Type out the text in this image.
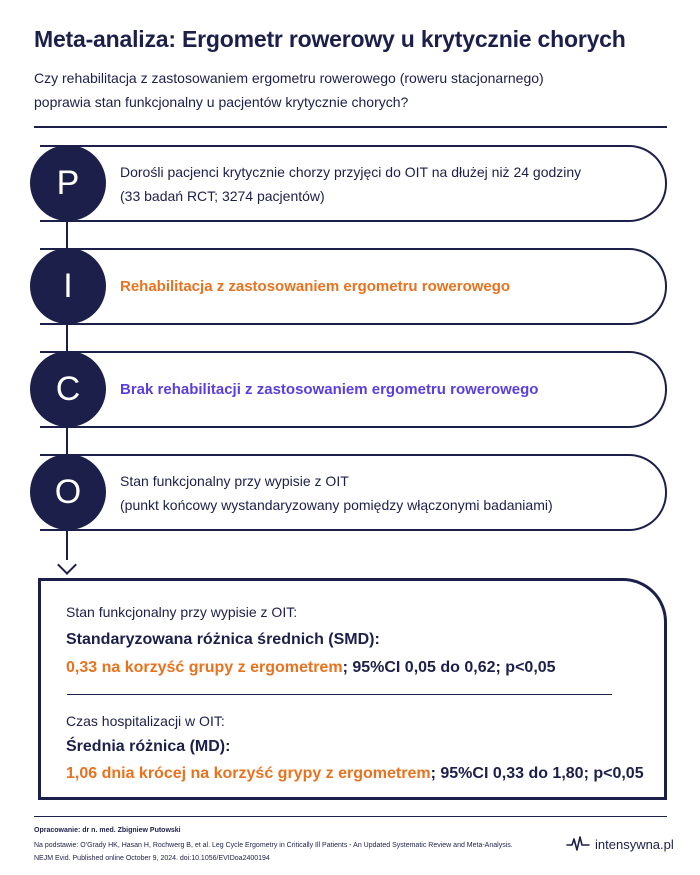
Meta-analiza: Ergometr rowerowy u krytycznie chorych
Czy rehabilitacja z zastosowaniem ergometru rowerowego (roweru stacjonarnego)
poprawia stan funkcjonalny u pacjentów krytycznie chorych?
Dorośli pacjenci krytycznie chorzy przyjęci do OIT na dłużej niż 24 godziny
(33 badań RCT; 3274 pacjentów)
P
Rehabilitacja z zastosowaniem ergometru rowerowego
I
Brak rehabilitacji z zastosowaniem ergometru rowerowego
C
Stan funkcjonalny przy wypisie z OIT
(punkt końcowy wystandaryzowany pomiędzy włączonymi badaniami)
O
Stan funkcjonalny przy wypisie z OIT:
Standaryzowana różnica średnich (SMD):
0,33 na korzyść grupy z ergometrem; 95%CI 0,05 do 0,62; p<0,05
Czas hospitalizacji w OIT:
Średnia różnica (MD):
1,06 dnia krócej na korzyść grypy z ergometrem; 95%CI 0,33 do 1,80; p<0,05
Opracowanie: dr n. med. Zbigniew Putowski
Na podstawie: O'Grady HK, Hasan H, Rochwerg B, et al. Leg Cycle Ergometry in Critically Ill Patients - An Updated Systematic Review and Meta-Analysis.
NEJM Evid. Published online October 9, 2024. doi:10.1056/EVIDoa2400194
intensywna.pl
